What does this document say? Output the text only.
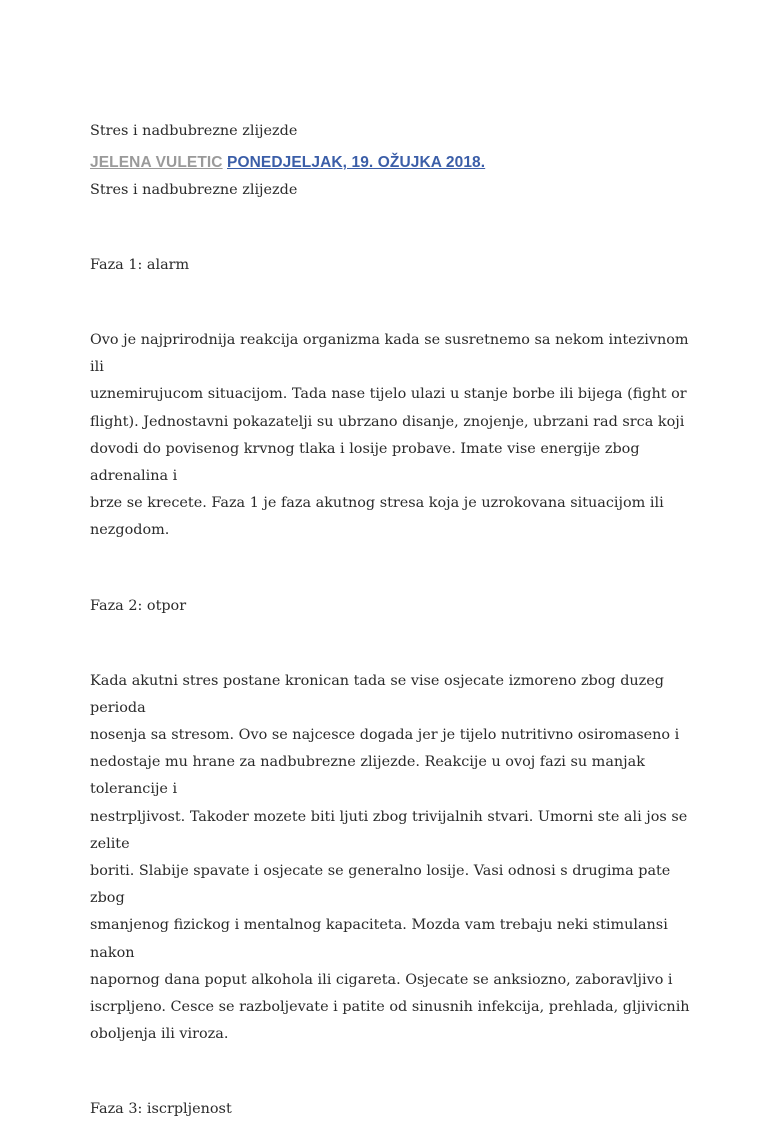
Stres i nadbubrezne zlijezde

JELENA VULETIC PONEDJELJAK, 19. OŽUJKA 2018.

Stres i nadbubrezne zlijezde

Faza 1: alarm

Ovo je najprirodnija reakcija organizma kada se susretnemo sa nekom intezivnom ili

uznemirujucom situacijom. Tada nase tijelo ulazi u stanje borbe ili bijega (fight or

flight). Jednostavni pokazatelji su ubrzano disanje, znojenje, ubrzani rad srca koji

dovodi do povisenog krvnog tlaka i losije probave. Imate vise energije zbog adrenalina i

brze se krecete. Faza 1 je faza akutnog stresa koja je uzrokovana situacijom ili nezgodom.

Faza 2: otpor

Kada akutni stres postane kronican tada se vise osjecate izmoreno zbog duzeg perioda

nosenja sa stresom. Ovo se najcesce dogada jer je tijelo nutritivno osiromaseno i

nedostaje mu hrane za nadbubrezne zlijezde. Reakcije u ovoj fazi su manjak tolerancije i

nestrpljivost. Takoder mozete biti ljuti zbog trivijalnih stvari. Umorni ste ali jos se zelite

boriti. Slabije spavate i osjecate se generalno losije. Vasi odnosi s drugima pate zbog

smanjenog fizickog i mentalnog kapaciteta. Mozda vam trebaju neki stimulansi nakon

napornog dana poput alkohola ili cigareta. Osjecate se anksiozno, zaboravljivo i

iscrpljeno. Cesce se razboljevate i patite od sinusnih infekcija, prehlada, gljivicnih

oboljenja ili viroza.

Faza 3: iscrpljenost
